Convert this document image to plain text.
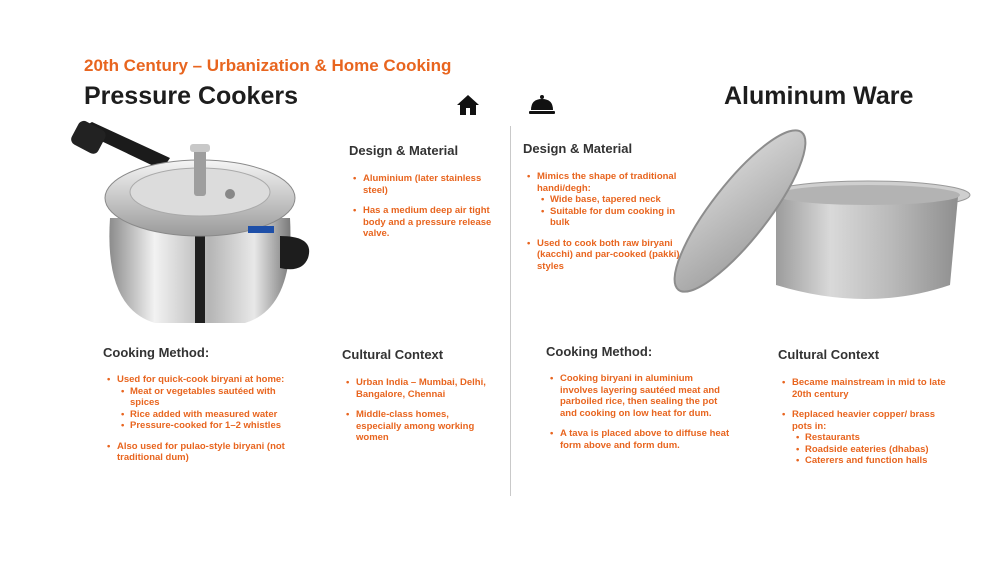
20th Century – Urbanization & Home Cooking
Pressure Cookers	Aluminum Ware
Design & Material
• Aluminium (later stainless steel)
• Has a medium deep air tight body and a pressure release valve.
Cooking Method:
• Used for quick-cook biryani at home:
• Meat or vegetables sautéed with spices
• Rice added with measured water
• Pressure-cooked for 1–2 whistles
• Also used for pulao-style biryani (not traditional dum)
Cultural Context
• Urban India – Mumbai, Delhi, Bangalore, Chennai
• Middle-class homes, especially among working women
Design & Material
• Mimics the shape of traditional handi/degh:
• Wide base, tapered neck
• Suitable for dum cooking in bulk
• Used to cook both raw biryani (kacchi) and par-cooked (pakki) styles
Cooking Method:
• Cooking biryani in aluminium involves layering sautéed meat and parboiled rice, then sealing the pot and cooking on low heat for dum.
• A tava is placed above to diffuse heat form above and form dum.
Cultural Context
• Became mainstream in mid to late 20th century
• Replaced heavier copper/ brass pots in:
• Restaurants
• Roadside eateries (dhabas)
• Caterers and function halls
